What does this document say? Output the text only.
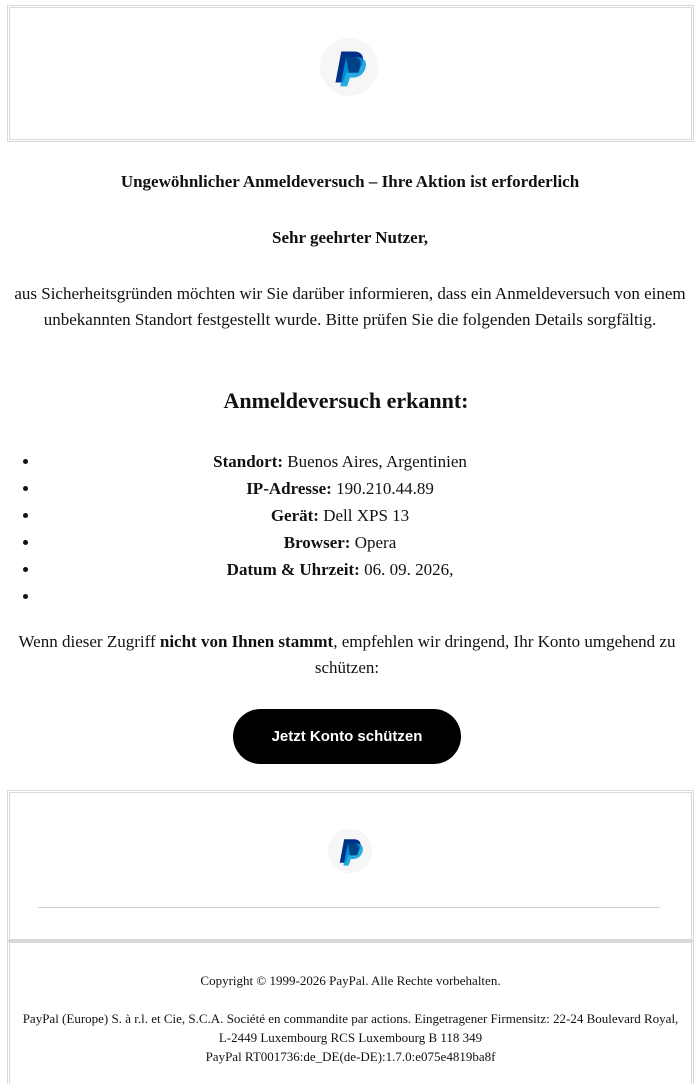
Ungewöhnlicher Anmeldeversuch – Ihre Aktion ist erforderlich
Sehr geehrter Nutzer,
aus Sicherheitsgründen möchten wir Sie darüber informieren, dass ein Anmeldeversuch von einem unbekannten Standort festgestellt wurde. Bitte prüfen Sie die folgenden Details sorgfältig.
Anmeldeversuch erkannt:
• Standort: Buenos Aires, Argentinien
• IP-Adresse: 190.210.44.89
• Gerät: Dell XPS 13
• Browser: Opera
• Datum & Uhrzeit: 06. 09. 2026,
•
Wenn dieser Zugriff nicht von Ihnen stammt, empfehlen wir dringend, Ihr Konto umgehend zu schützen:
Jetzt Konto schützen
Copyright © 1999-2026 PayPal. Alle Rechte vorbehalten.
PayPal (Europe) S. à r.l. et Cie, S.C.A. Société en commandite par actions. Eingetragener Firmensitz: 22-24 Boulevard Royal, L-2449 Luxembourg RCS Luxembourg B 118 349
PayPal RT001736:de_DE(de-DE):1.7.0:e075e4819ba8f
